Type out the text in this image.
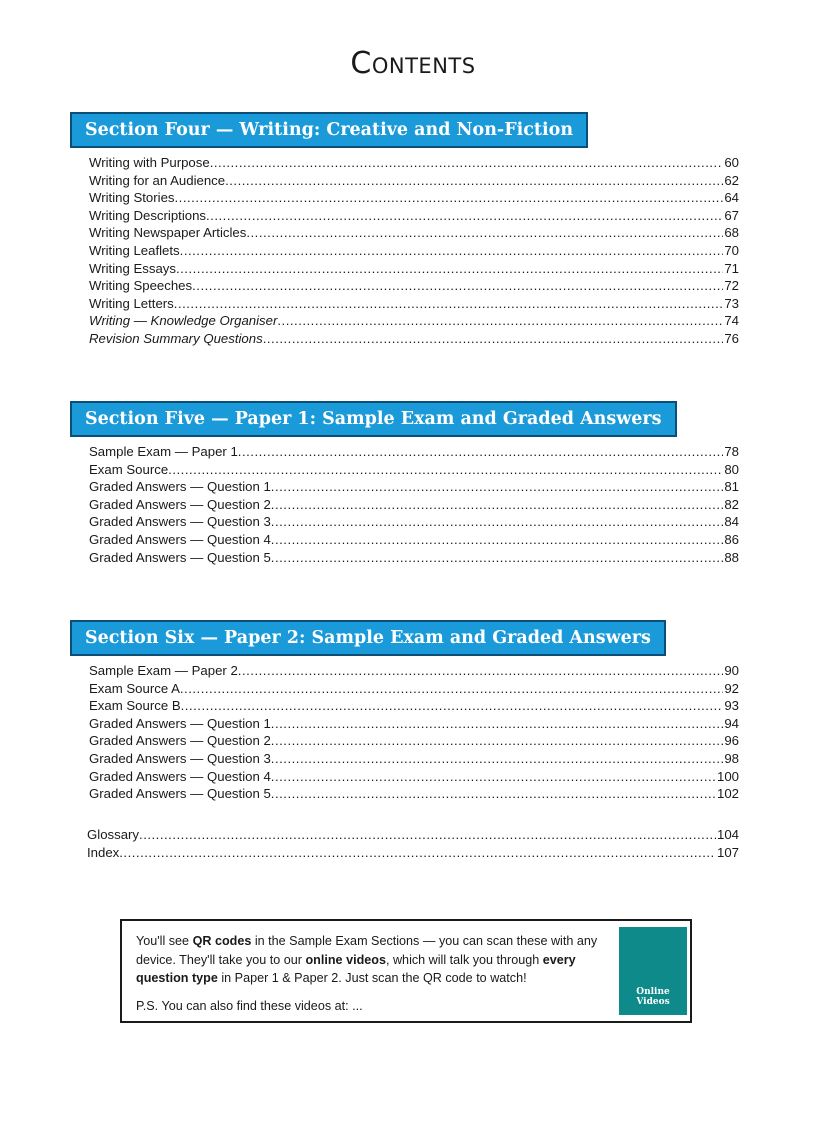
Contents
Section Four — Writing: Creative and Non-Fiction
Writing with Purpose .....	60
Writing for an Audience .....	62
Writing Stories .....	64
Writing Descriptions .....	67
Writing Newspaper Articles .....	68
Writing Leaflets .....	70
Writing Essays .....	71
Writing Speeches .....	72
Writing Letters .....	73
Writing — Knowledge Organiser .....	74
Revision Summary Questions .....	76
Section Five — Paper 1: Sample Exam and Graded Answers
Sample Exam — Paper 1 .....	78
Exam Source .....	80
Graded Answers — Question 1 .....	81
Graded Answers — Question 2 .....	82
Graded Answers — Question 3 .....	84
Graded Answers — Question 4 .....	86
Graded Answers — Question 5 .....	88
Section Six — Paper 2: Sample Exam and Graded Answers
Sample Exam — Paper 2 .....	90
Exam Source A .....	92
Exam Source B .....	93
Graded Answers — Question 1 .....	94
Graded Answers — Question 2 .....	96
Graded Answers — Question 3 .....	98
Graded Answers — Question 4 .....	100
Graded Answers — Question 5 .....	102
Glossary .....	104
Index .....	107
You'll see QR codes in the Sample Exam Sections — you can scan these with any device. They'll take you to our online videos, which will talk you through every question type in Paper 1 & Paper 2. Just scan the QR code to watch!
P.S. You can also find these videos at: ...
Online
Videos
